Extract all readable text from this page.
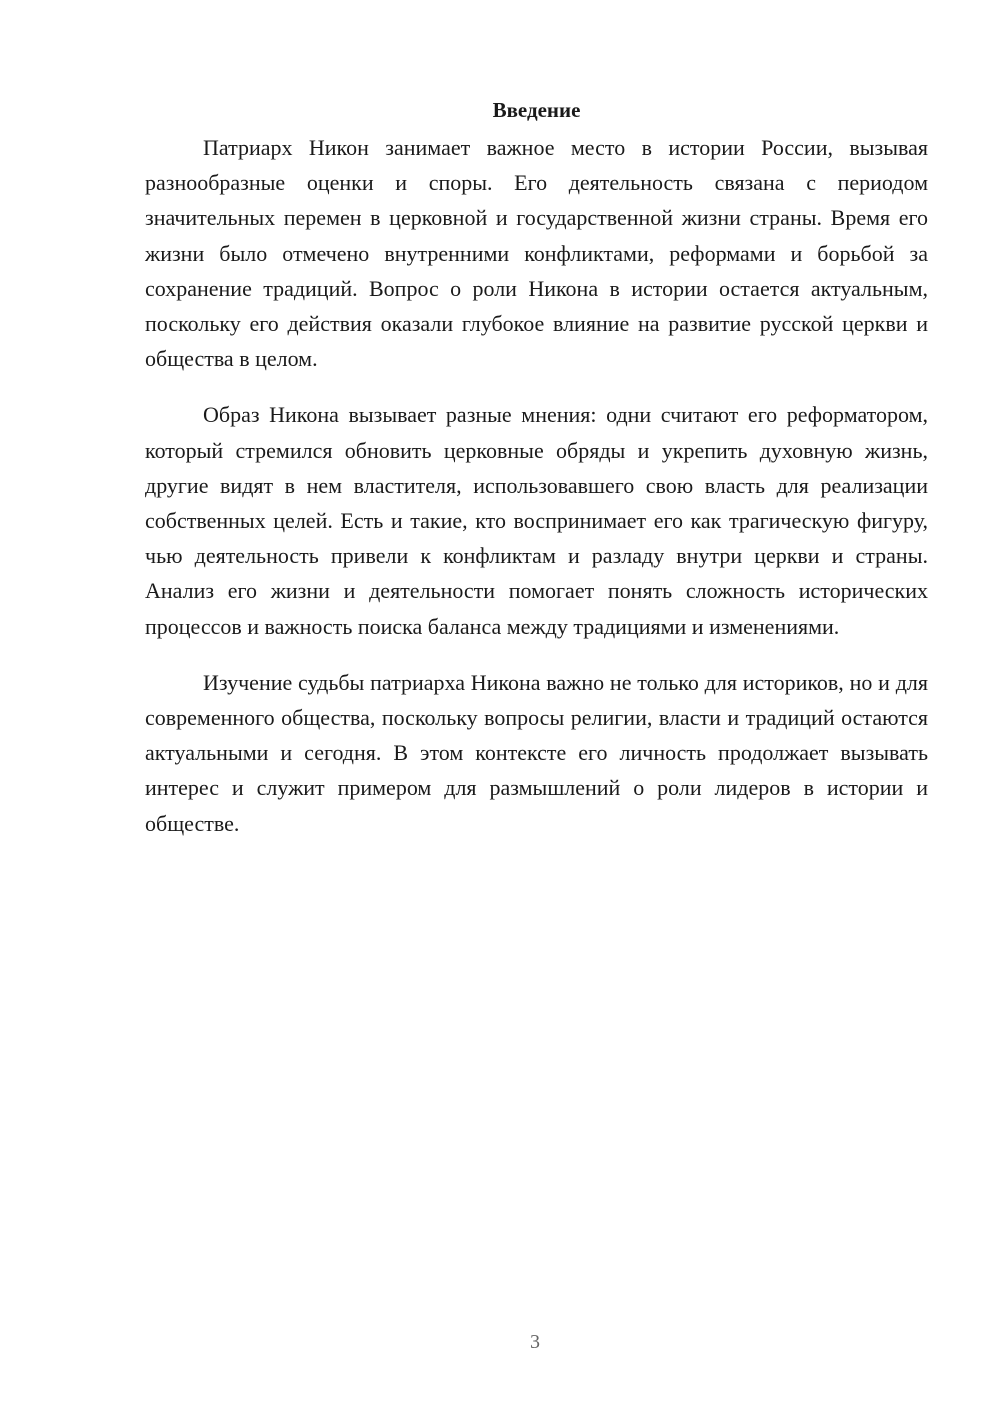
Введение

Патриарх Никон занимает важное место в истории России, вызывая разнообразные оценки и споры. Его деятельность связана с периодом значительных перемен в церковной и государственной жизни страны. Время его жизни было отмечено внутренними конфликтами, реформами и борьбой за сохранение традиций. Вопрос о роли Никона в истории остается актуальным, поскольку его действия оказали глубокое влияние на развитие русской церкви и общества в целом.

Образ Никона вызывает разные мнения: одни считают его реформатором, который стремился обновить церковные обряды и укрепить духовную жизнь, другие видят в нем властителя, использовавшего свою власть для реализации собственных целей. Есть и такие, кто воспринимает его как трагическую фигуру, чью деятельность привели к конфликтам и разладу внутри церкви и страны. Анализ его жизни и деятельности помогает понять сложность исторических процессов и важность поиска баланса между традициями и изменениями.

Изучение судьбы патриарха Никона важно не только для историков, но и для современного общества, поскольку вопросы религии, власти и традиций остаются актуальными и сегодня. В этом контексте его личность продолжает вызывать интерес и служит примером для размышлений о роли лидеров в истории и обществе.

3
